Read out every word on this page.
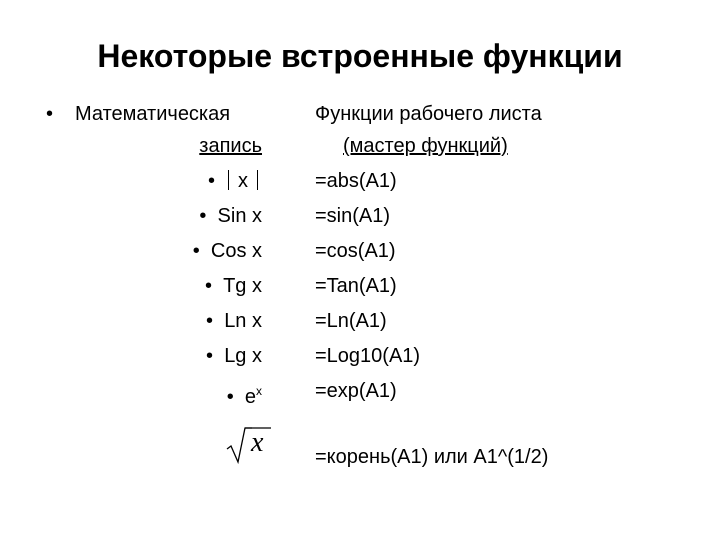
Некоторые встроенные функции
• Математическая
запись
• x
• Sin x
• Cos x
• Tg x
• Ln x
• Lg x
• $e^x$
x
Функции рабочего листа
(мастер функций)
=abs(A1)
=sin(A1)
=cos(A1)
=Tan(A1)
=Ln(A1)
=Log10(A1)
=exp(A1)
=корень(A1) или A1^(1/2)
